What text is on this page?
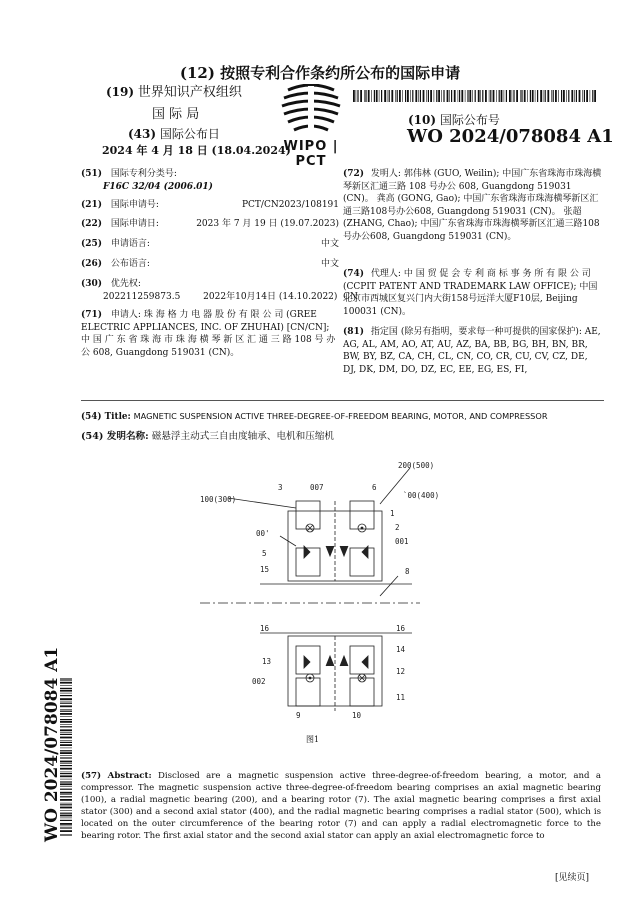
(12) 按照专利合作条约所公布的国际申请
(19) 世界知识产权组织
国 际 局
(43) 国际公布日
2024 年 4 月 18 日 (18.04.2024)
WIPO | PCT
(10) 国际公布号
WO 2024/078084 A1
(51) 国际专利分类号:
F16C 32/04 (2006.01)
(21) 国际申请号:	PCT/CN2023/108191
(22) 国际申请日:	2023 年 7 月 19 日 (19.07.2023)
(25) 申请语言:	中文
(26) 公布语言:	中文
(30) 优先权:
202211259873.5        2022年10月14日 (14.10.2022)  CN
(71) 申请人: 珠 海 格 力 电 器 股 份 有 限 公 司 (GREE ELECTRIC APPLIANCES, INC. OF ZHUHAI) [CN/CN]; 中 国 广 东 省 珠 海 市 珠 海 横 琴 新 区 汇 通 三 路 108 号 办 公 608, Guangdong 519031 (CN)。
(72) 发明人: 郭伟林 (GUO, Weilin); 中国广东省珠海市珠海横琴新区汇通三路 108 号办公 608, Guangdong 519031 (CN)。 龚高 (GONG, Gao); 中国广东省珠海市珠海横琴新区汇通三路108号办公608, Guangdong 519031 (CN)。 张超(ZHANG, Chao); 中国广东省珠海市珠海横琴新区汇通三路108号办公608, Guangdong 519031 (CN)。
(74) 代理人: 中 国 贸 促 会 专 利 商 标 事 务 所 有 限 公 司 (CCPIT PATENT AND TRADEMARK LAW OFFICE); 中国北京市西城区复兴门内大街158号远洋大厦F10层, Beijing 100031 (CN)。
(81) 指定国 (除另有指明，要求每一种可提供的国家保护): AE, AG, AL, AM, AO, AT, AU, AZ, BA, BB, BG, BH, BN, BR, BW, BY, BZ, CA, CH, CL, CN, CO, CR, CU, CV, CZ, DE, DJ, DK, DM, DO, DZ, EC, EE, EG, ES, FI,
WO 2024/078084 A1
(54) Title: MAGNETIC SUSPENSION ACTIVE THREE-DEGREE-OF-FREEDOM BEARING, MOTOR, AND COMPRESSOR
(54) 发明名称: 磁悬浮主动式三自由度轴承、电机和压缩机
100(300)
200(500)
3	007	6
`00(400)
1
2
001
00'
5
15	8
16	16
13
14
12
002
9	10
11
图1
(57) Abstract: Disclosed are a magnetic suspension active three-degree-of-freedom bearing, a motor, and a compressor. The magnetic suspension active three-degree-of-freedom bearing comprises an axial magnetic bearing (100), a radial magnetic bearing (200), and a bearing rotor (7). The axial magnetic bearing comprises a first axial stator (300) and a second axial stator (400), and the radial magnetic bearing comprises a radial stator (500), which is located on the outer circumference of the bearing rotor (7) and can apply a radial electromagnetic force to the bearing rotor. The first axial stator and the second axial stator can apply an axial electromagnetic force to
[见续页]
